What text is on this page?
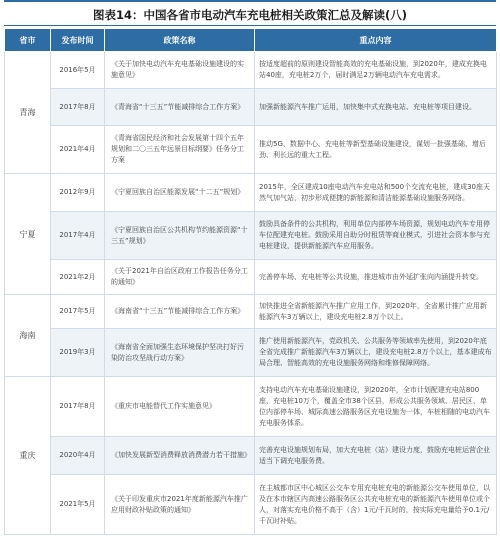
图表14：中国各省市电动汽车充电桩相关政策汇总及解读(八)
省市	发布时间	政策名称	重点内容
青海	2016年5月	《关于加快电动汽车充电基础设施建设的实施意见》	按适度超前的原则建设智能高效的充电基础设施，到2020年，建成充换电站40座，充电桩2万个，届时满足2万辆电动汽车充电需求。
	2017年8月	《青海省“十三五”节能减排综合工作方案》	加强新能源汽车推广运用，加快集中式充换电站、充电桩等项目建设。
	2021年4月	《青海省国民经济和社会发展第十四个五年规划和二〇三五年远景目标纲要》任务分工方案	推动5G、数据中心、充电桩等新型基础设施建设，谋划一批强基础、增后劲、利长远的重大工程。
宁夏	2012年9月	《宁夏回族自治区能源发展“十二五”规划》	2015年，全区建成10座电动汽车充电站和500个交流充电桩，建成30座天然气加气站，初步形成便捷的新能源和清洁能源基础设施服务网络。
	2017年4月	《宁夏回族自治区公共机构节约能源资源“十三五”规划》	鼓励具备条件的公共机构，利用单位内部停车场资源，规划电动汽车专用停车位配建充电桩。鼓励采用自助分时租赁等商业模式，引进社会资本参与充电桩建设，提供新能源汽车应用服务。
	2021年2月	《关于2021年自治区政府工作报告任务分工的通知》	完善停车场、充电桩等公共设施，推进城市由外延扩张向内涵提升转变。
海南	2017年5月	《海南省“十三五”节能减排综合工作方案》	加快推进全省新能源汽车推广应用工作，到2020年，全省累计推广应用新能源汽车3万辆以上，建设充电桩2.8万个以上。
	2019年3月	《海南省全面加强生态环境保护坚决打好污染防治攻坚战行动方案》	推广使用新能源汽车，党政机关、公共服务等领域率先使用，到2020年底全省完成推广新能源汽车3万辆以上，建设充电桩2.8万个以上，基本建成布局合理、智能高效的充电设施服务网络和维修保障网络。
重庆	2017年8月	《重庆市电能替代工作实施意见》	支持电动汽车充电基础设施建设，到2020年，全市计划配建充电站800座、充电桩10万个，覆盖全市38个区县，形成公共服务领域、居民区、单位内部停车场、城际高速公路服务区充电设施为一体，车桩相随的电动汽车充电服务体系。
	2020年4月	《加快发展新型消费释放消费潜力若干措施》	完善充电设施规划布局，加大充电桩（站）建设力度，鼓励充电桩运营企业适当下调充电服务费。
	2021年5月	《关于印发重庆市2021年度新能源汽车推广应用财政补贴政策的通知》	在主城都市区中心城区公交车专用充电桩充电的新能源公交车使用单位，以及在本市辖区内高速公路服务区公共充电桩充电的新能源汽车使用单位或个人，对落实充电价格不高于（含）1元/千瓦时的，按实际充电量给予0.1元/千瓦时补贴。
